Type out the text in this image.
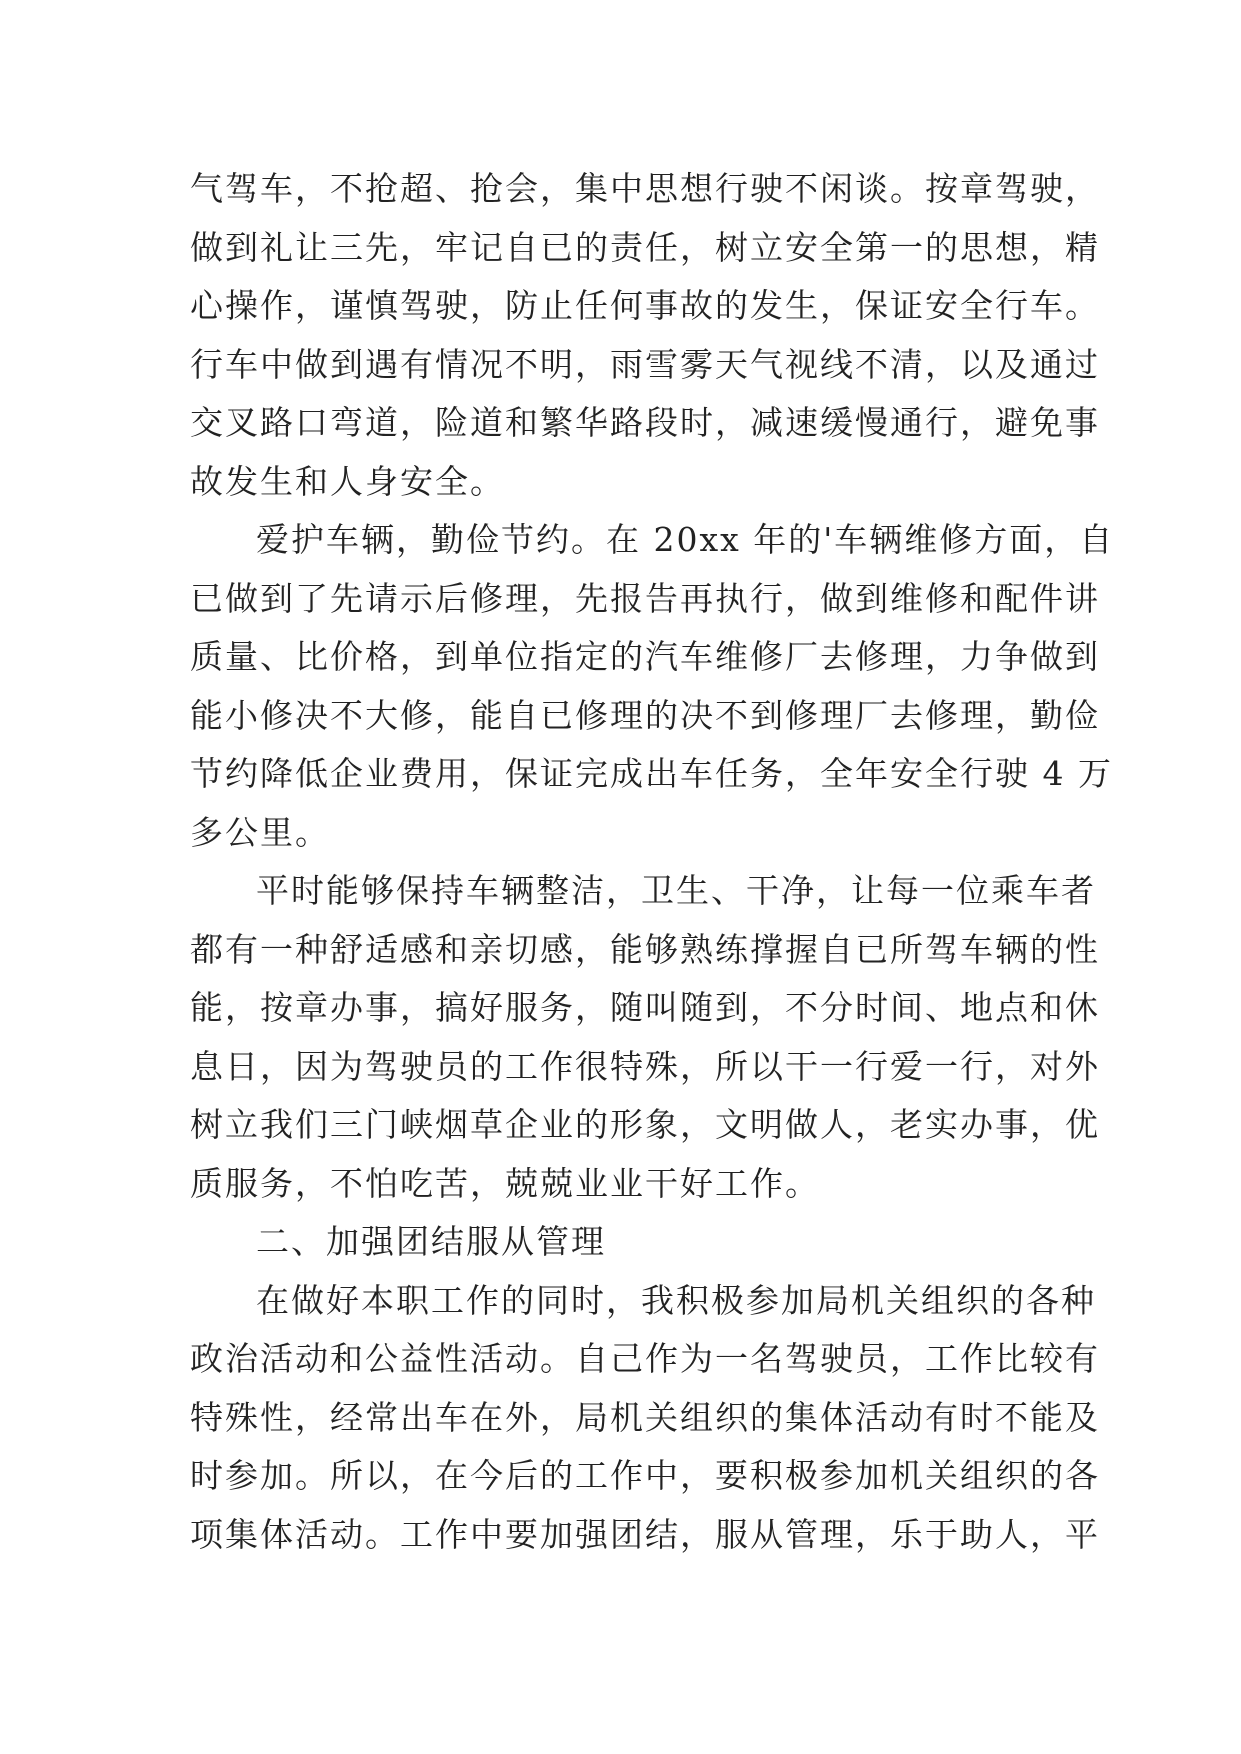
气驾车，不抢超、抢会，集中思想行驶不闲谈。按章驾驶，
做到礼让三先，牢记自已的责任，树立安全第一的思想，精
心操作，谨慎驾驶，防止任何事故的发生，保证安全行车。
行车中做到遇有情况不明，雨雪雾天气视线不清，以及通过
交叉路口弯道，险道和繁华路段时，减速缓慢通行，避免事
故发生和人身安全。

爱护车辆，勤俭节约。在 20xx 年的'车辆维修方面，自
已做到了先请示后修理，先报告再执行，做到维修和配件讲
质量、比价格，到单位指定的汽车维修厂去修理，力争做到
能小修决不大修，能自已修理的决不到修理厂去修理，勤俭
节约降低企业费用，保证完成出车任务，全年安全行驶 4 万
多公里。

平时能够保持车辆整洁，卫生、干净，让每一位乘车者
都有一种舒适感和亲切感，能够熟练撑握自已所驾车辆的性
能，按章办事，搞好服务，随叫随到，不分时间、地点和休
息日，因为驾驶员的工作很特殊，所以干一行爱一行，对外
树立我们三门峡烟草企业的形象，文明做人，老实办事，优
质服务，不怕吃苦，兢兢业业干好工作。

二、加强团结服从管理

在做好本职工作的同时，我积极参加局机关组织的各种
政治活动和公益性活动。自己作为一名驾驶员，工作比较有
特殊性，经常出车在外，局机关组织的集体活动有时不能及
时参加。所以，在今后的工作中，要积极参加机关组织的各
项集体活动。工作中要加强团结，服从管理，乐于助人，平
